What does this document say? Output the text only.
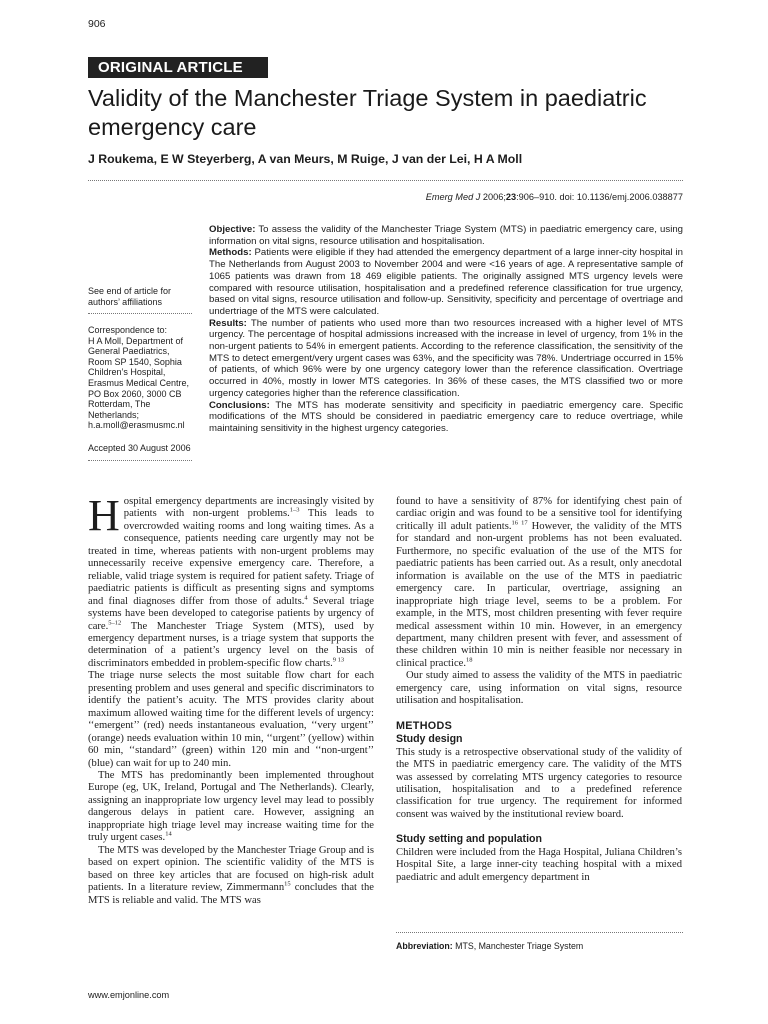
906
ORIGINAL ARTICLE
Validity of the Manchester Triage System in paediatric emergency care
J Roukema, E W Steyerberg, A van Meurs, M Ruige, J van der Lei, H A Moll
Emerg Med J 2006;23:906–910. doi: 10.1136/emj.2006.038877
See end of article for authors’ affiliations
Correspondence to:
H A Moll, Department of General Paediatrics, Room SP 1540, Sophia Children’s Hospital, Erasmus Medical Centre, PO Box 2060, 3000 CB Rotterdam, The Netherlands; h.a.moll@erasmusmc.nl
Accepted 30 August 2006

Objective: To assess the validity of the Manchester Triage System (MTS) in paediatric emergency care, using information on vital signs, resource utilisation and hospitalisation.

Methods: Patients were eligible if they had attended the emergency department of a large inner-city hospital in The Netherlands from August 2003 to November 2004 and were <16 years of age. A representative sample of 1065 patients was drawn from 18 469 eligible patients. The originally assigned MTS urgency levels were compared with resource utilisation, hospitalisation and a predefined reference classification for true urgency, based on vital signs, resource utilisation and follow-up. Sensitivity, specificity and percentage of overtriage and undertriage of the MTS were calculated.

Results: The number of patients who used more than two resources increased with a higher level of MTS urgency. The percentage of hospital admissions increased with the increase in level of urgency, from 1% in the non-urgent patients to 54% in emergent patients. According to the reference classification, the sensitivity of the MTS to detect emergent/very urgent cases was 63%, and the specificity was 78%. Undertriage occurred in 15% of patients, of which 96% were by one urgency category lower than the reference classification. Overtriage occurred in 40%, mostly in lower MTS categories. In 36% of these cases, the MTS classified two or more urgency categories higher than the reference classification.

Conclusions: The MTS has moderate sensitivity and specificity in paediatric emergency care. Specific modifications of the MTS should be considered in paediatric emergency care to reduce overtriage, while maintaining sensitivity in the highest urgency categories.

Hospital emergency departments are increasingly visited by patients with non-urgent problems.$^{1-3}$ This leads to overcrowded waiting rooms and long waiting times. As a consequence, patients needing care urgently may not be treated in time, whereas patients with non-urgent problems may unnecessarily receive expensive emergency care. Therefore, a reliable, valid triage system is required for patient safety. Triage of paediatric patients is difficult as presenting signs and symptoms and final diagnoses differ from those of adults.$^4$ Several triage systems have been developed to categorise patients by urgency of care.$^{5-12}$ The Manchester Triage System (MTS), used by emergency department nurses, is a triage system that supports the determination of a patient’s urgency level on the basis of discriminators embedded in problem-specific flow charts.$^{9 13}$

The triage nurse selects the most suitable flow chart for each presenting problem and uses general and specific discriminators to identify the patient’s acuity. The MTS provides clarity about maximum allowed waiting time for the different levels of urgency: ‘‘emergent’’ (red) needs instantaneous evaluation, ‘‘very urgent’’ (orange) needs evaluation within 10 min, ‘‘urgent’’ (yellow) within 60 min, ‘‘standard’’ (green) within 120 min and ‘‘non-urgent’’ (blue) can wait for up to 240 min.

The MTS has predominantly been implemented throughout Europe (eg, UK, Ireland, Portugal and The Netherlands). Clearly, assigning an inappropriate low urgency level may lead to possibly dangerous delays in patient care. However, assigning an inappropriate high triage level may increase waiting time for the truly urgent cases.$^{14}$

The MTS was developed by the Manchester Triage Group and is based on expert opinion. The scientific validity of the MTS is based on three key articles that are focused on high-risk adult patients. In a literature review, Zimmermann$^{15}$ concludes that the MTS is reliable and valid. The MTS was

found to have a sensitivity of 87% for identifying chest pain of cardiac origin and was found to be a sensitive tool for identifying critically ill adult patients.$^{16 17}$ However, the validity of the MTS for standard and non-urgent problems has not been evaluated. Furthermore, no specific evaluation of the use of the MTS for paediatric patients has been carried out. As a result, only anecdotal information is available on the use of the MTS in paediatric emergency care. In particular, overtriage, assigning an inappropriate high triage level, seems to be a problem. For example, in the MTS, most children presenting with fever require medical assessment within 10 min. However, in an emergency department, many children present with fever, and assessment of these children within 10 min is neither feasible nor necessary in clinical practice.$^{18}$

Our study aimed to assess the validity of the MTS in paediatric emergency care, using information on vital signs, resource utilisation and hospitalisation.

METHODS
Study design

This study is a retrospective observational study of the validity of the MTS in paediatric emergency care. The validity of the MTS was assessed by correlating MTS urgency categories to resource utilisation, hospitalisation and to a predefined reference classification for true urgency. The requirement for informed consent was waived by the institutional review board.

Study setting and population

Children were included from the Haga Hospital, Juliana Children’s Hospital Site, a large inner-city teaching hospital with a mixed paediatric and adult emergency department in

Abbreviation: MTS, Manchester Triage System
www.emjonline.com
